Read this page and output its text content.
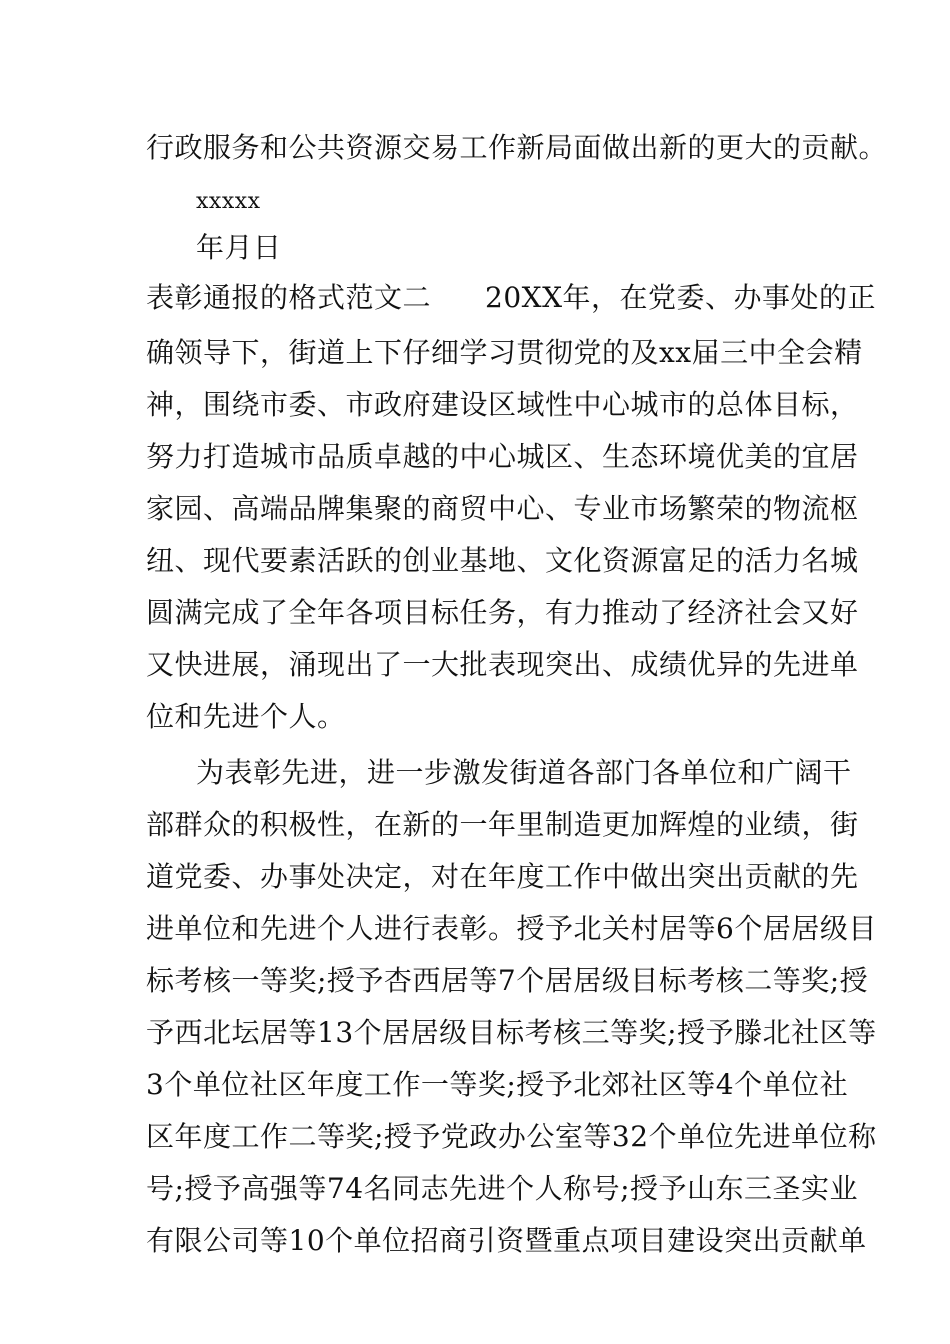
行政服务和公共资源交易工作新局面做出新的更大的贡献。
xxxxx
年月日
表彰通报的格式范文二 20XX年，在党委、办事处的正
确领导下，街道上下仔细学习贯彻党的及xx届三中全会精
神，围绕市委、市政府建设区域性中心城市的总体目标，
努力打造城市品质卓越的中心城区、生态环境优美的宜居
家园、高端品牌集聚的商贸中心、专业市场繁荣的物流枢
纽、现代要素活跃的创业基地、文化资源富足的活力名城
圆满完成了全年各项目标任务，有力推动了经济社会又好
又快进展，涌现出了一大批表现突出、成绩优异的先进单
位和先进个人。
为表彰先进，进一步激发街道各部门各单位和广阔干
部群众的积极性，在新的一年里制造更加辉煌的业绩，街
道党委、办事处决定，对在年度工作中做出突出贡献的先
进单位和先进个人进行表彰。授予北关村居等6个居居级目
标考核一等奖;授予杏西居等7个居居级目标考核二等奖;授
予西北坛居等13个居居级目标考核三等奖;授予滕北社区等
3个单位社区年度工作一等奖;授予北郊社区等4个单位社
区年度工作二等奖;授予党政办公室等32个单位先进单位称
号;授予高强等74名同志先进个人称号;授予山东三圣实业
有限公司等10个单位招商引资暨重点项目建设突出贡献单
